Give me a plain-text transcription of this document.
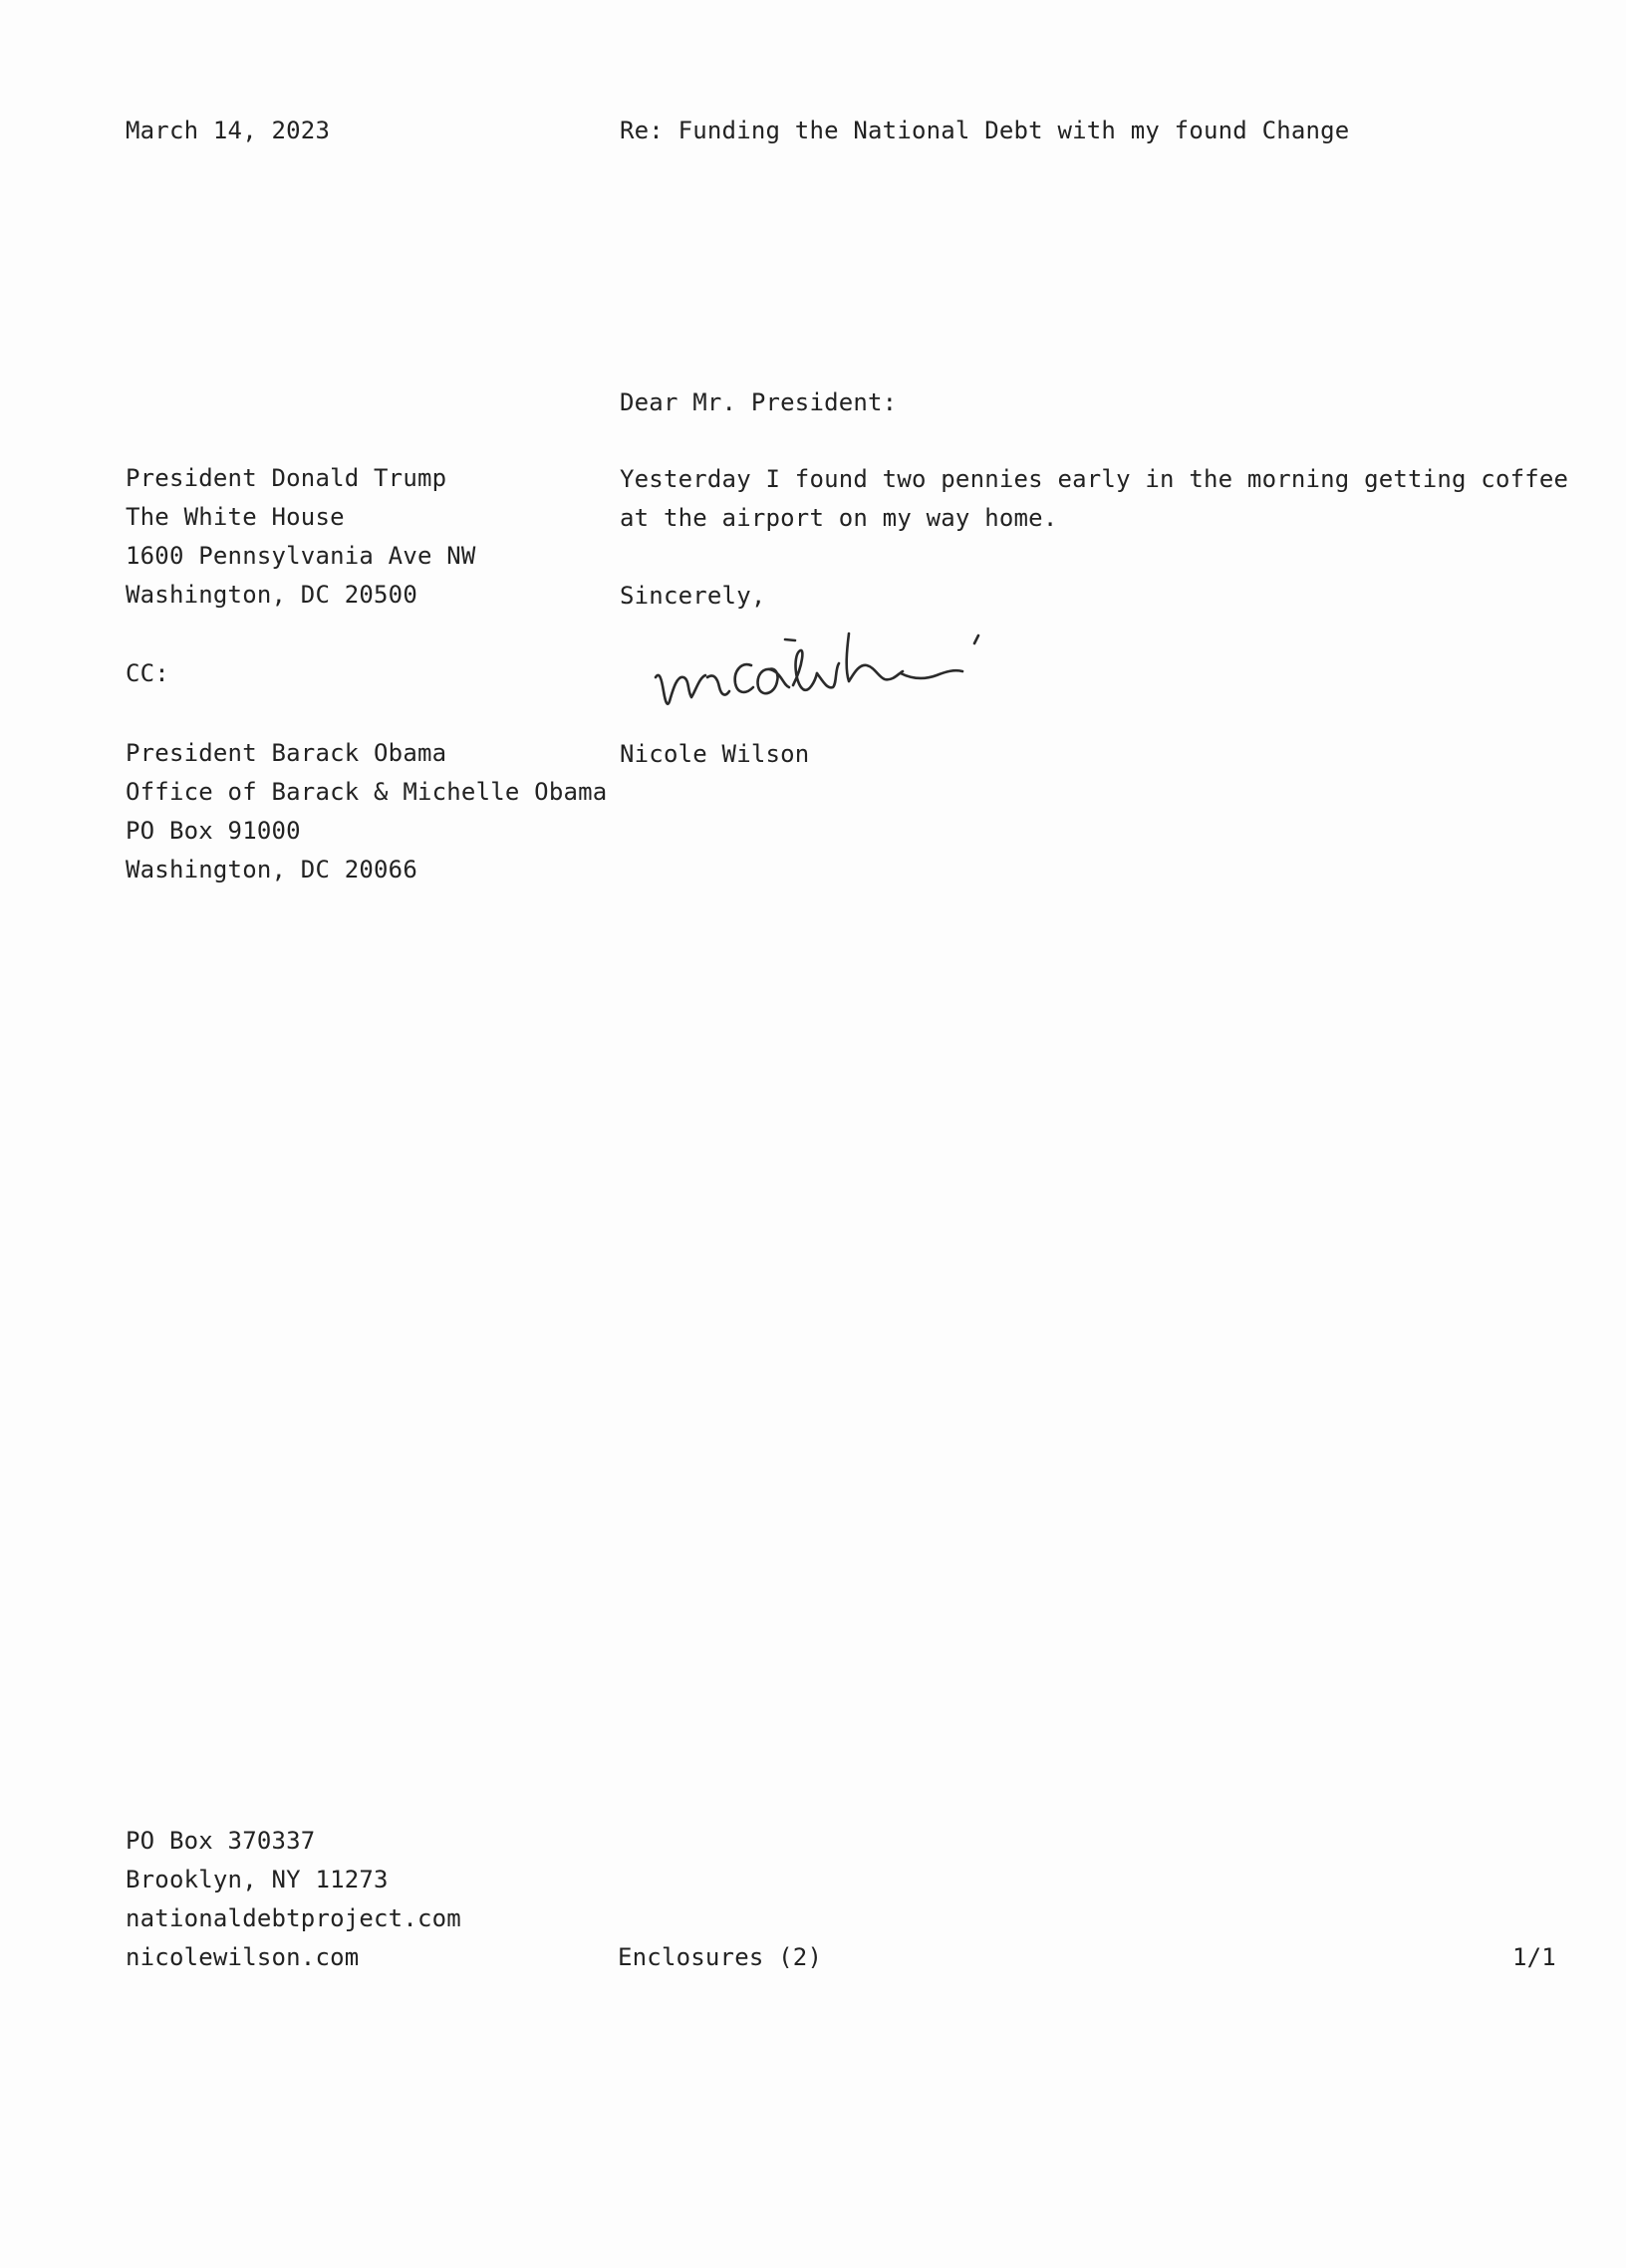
March 14, 2023	Re: Funding the National Debt with my found Change

Dear Mr. President:

President Donald Trump
The White House
1600 Pennsylvania Ave NW
Washington, DC 20500
Yesterday I found two pennies early in the morning getting coffee
at the airport on my way home.

Sincerely,

CC:

Nicole Wilson

President Barack Obama
Office of Barack & Michelle Obama
PO Box 91000
Washington, DC 20066
PO Box 370337
Brooklyn, NY 11273
nationaldebtproject.com
nicolewilson.com	Enclosures (2)	1/1
